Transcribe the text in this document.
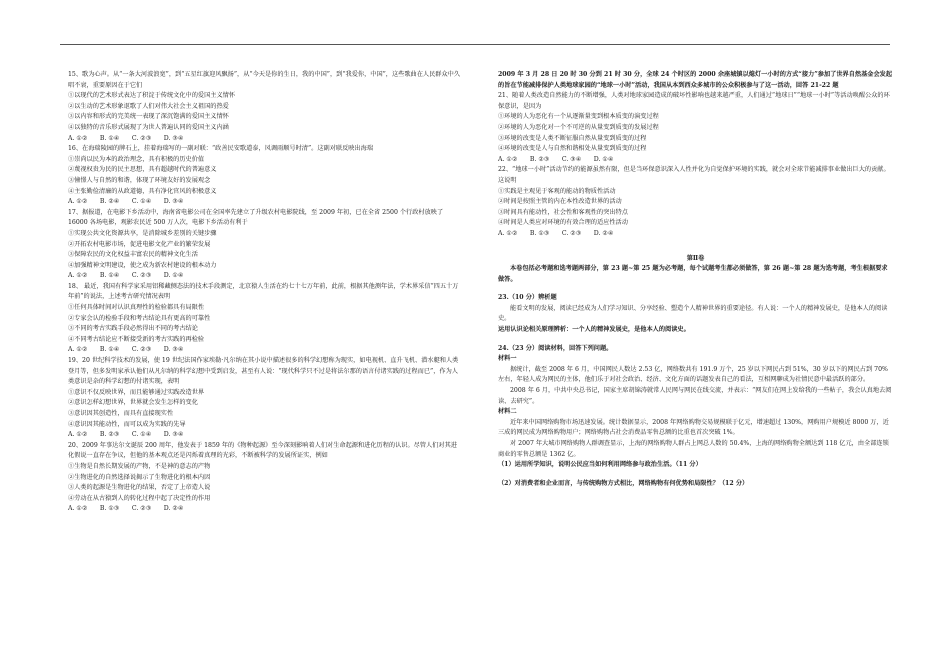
15、歌为心声。从“一条大河波浪宽”，到“五星红旗迎风飘扬”，从“今天是你的生日，我的中国”，到“我爱你，中国”，这些歌曲在人民群众中久唱不衰，重要原因在于它们
①以现代的艺术形式表达了积淀于传统文化中的爱国主义情怀
②以生动的艺术形象讴歌了人们对伟大社会主义祖国的热爱
③以内容和形式的完美统一表现了深沉饱满的爱国主义情怀
④以独特的音乐形式展现了为世人普遍认同的爱国主义内涵
A. ①②　　B. ①④　　C. ②③　　D. ③④
16、在海瑞陵园的牌石上，挂着海瑞写的一副对联：“政善民安歌道泰，风调雨顺号时清”。这副对联反映出海瑞
①崇尚以民为本的政治理念，具有积极的历史价值
②蔑视权贵为民的民主思想，具有超越时代的普遍意义
③憧憬人与自然的和谐，体现了环境友好的发展观念
④主张勤俭清廉的从政道德，具有净化官风的积极意义
A. ①②　　B. ②④　　C. ①④　　D. ③④
17、据报道，在电影下乡活动中，海南省电影公司在全国率先建立了升级农村电影院线，至 2009 年初，已在全省 2500 个行政村放映了 16000 各场电影，观影农民近 500 万人次，电影下乡活动有利于
①实现公共文化资源共享，是消除城乡差别的关键步骤
②开拓农村电影市场，促进电影文化产业的繁荣发展
③保障农民的文化权益丰富农民的精神文化生活
④加强精神文明建设，使之成为新农村建设的根本动力
A. ①②　　B. ①④　　C. ②③　　D. ①④
18、 最近，我国有科学家采用铝稀藏侧态法的技术手段测定，北京猿人生活在约七十七万年前，此前，根据其他测年法，学术界采信“四五十万年前”的说法，上述考古研究情况表明
①任何具体时间对认识真理性的检验都具有局限性
②专家会认的检验手段和考古结论具有更高的可靠性
③不同的考古实践手段必然得出不同的考古结论
④不同考古结论应不断接受新的考古实践的再检验
A. ①②　　B. ①④　　C. ②③　　D. ③④
19、20 世纪科学技术的发展，使 19 世纪法国作家埃勒·凡尔纳在其小说中描述很多的科学幻想称为现实，如电视机、直升飞机、潜水艇和人类登月等，但多发明家承认他们从凡尔纳的科学幻想中受到启发，甚至有人说：“现代科学只不过是将法尔那的语言付诸实践的过程而已”，作为人类意识是杂的科学幻想的付诸实现，表明
①意识不仅反映世界，而且能够通过实践改造世界
②意识怎样幻想世界，世界就会发生怎样的变化
③意识因其创造性，而具有直接现实性
④意识因其能动性，而可以成为实践的先导
A. ①②　　B. ②③　　C. ①④　　D. ③④
20、2009 年事达尔文诞辰 200 周年，他发表于 1859 年的《物种起源》至今深刻影响着人们对生命起源和进化历程的认识。尽管人们对其进化假说一直存在争议，但他的基本观点还是闪烁着真理的光彩，不断被科学的发展所证实，例如
①生物是自然长期发展的产物，不是神的意志的产物
②生物进化的自然选择说揭示了生物进化的根本内因
③人类的起源是生物进化的结果，否定了上帝造人说
④劳动在从古猿到人的转化过程中起了决定性的作用
A. ①②　　B. ①③　　C. ②③　　D. ②④
2009 年 3 月 28 日 20 时 30 分到 21 时 30 分，全球 24 个时区的 2000 余座城镇以熄灯一小时的方式“接力”参加了世界自然基金会发起的旨在节能减排保护人类地球家园的“地球一小时”活动，我国从本到西众多城市的公众积极参与了这一活动，回答 21-22 题
21、随着人类改造自然能力的不断增强，人类对地球家园造成的破坏性影响也越来越严重，人们通过“地球日”“地球一小时”等活动唤醒公众的环保意识，是因为
①环境的人为恶化有一个从逐渐量变到根本质变的演变过程
②环境的人为恶化对一个不可逆的从量变到质变的发展过程
③环境的改变是人类不断征服自然从量变到质变的过程
④环境的改变是人与自然和谐相处从量变到质变的过程
A. ①②　　B. ②③　　C. ③④　　D. ①④
22、“地球一小时”活动节约的能源虽然有限，但是当环保意识深入人性并化为自觉保护环境的实践，就会对全球节能减排事业做出巨大的贡献。这说明
①实践是主观见于客观的能动的物质性活动
②时间是按照主管的内在本性改造世界的活动
③时间具有能动性，社会性和客观性的突出特点
④时间是人类应对环境的有效合理的适应性活动
A. ①②　　B. ①③　　C. ②③　　D. ②④
第Ⅱ卷
本卷包括必考题和选考题两部分，第 23 题~第 25 题为必考题，每个试题考生都必须做答，第 26 题~第 28 题为选考题，考生根据要求做答。
23.（10 分）辨析题
能看文明的发展，阅读已经成为人们学习知识、分享经验、塑造个人精神世界的重要途径。有人说：一个人的精神发展史，是他本人的阅读史。
运用认识论相关原理辨析：一个人的精神发展史，是他本人的阅读史。
24.（23 分）阅读材料，回答下列问题。
材料一
据统计，截至 2008 年 6 月，中国网民人数达 2.53 亿，网络数共有 191.9 万个，25 岁以下网民占到 51%，30 岁以下的网民占到 70%左右，年轻人成为网民的主体，他们乐于对社会政治、经济、文化方面的话题发表自己的看法，互相网聊成为社情民意中最活跃的部分。
2008 年 6 月，中共中央总书记，国家主席胡锦涛就常人民网与网民在线交流，并表示：“网友们在网上发给我的一些帖子，我会认真地去阅读、去研究”。
材料二
近年来中国网络购物市场迅速发展。统计数据显示，2008 年网络购物交易规模联于亿元，增速超过 130%，网购用户规模近 8000 万，近三成的网民成为网络购物用户；网络购物占社会消费品零售总额的比重也首次突破 1%。
对 2007 年大城市网络购物人群调查显示，上海的网络购物人群占上网总人数的 50.4%，上海的网络购物全额达到 118 亿元，由全部连锁商业的零售总额是 1362 亿。
（1）运用所学知识，说明公民应当如何利用网络参与政治生活。（11 分）
（2）对消费者和企业而言，与传统购物方式相比，网络购物有何优势和局限性？（12 分）
